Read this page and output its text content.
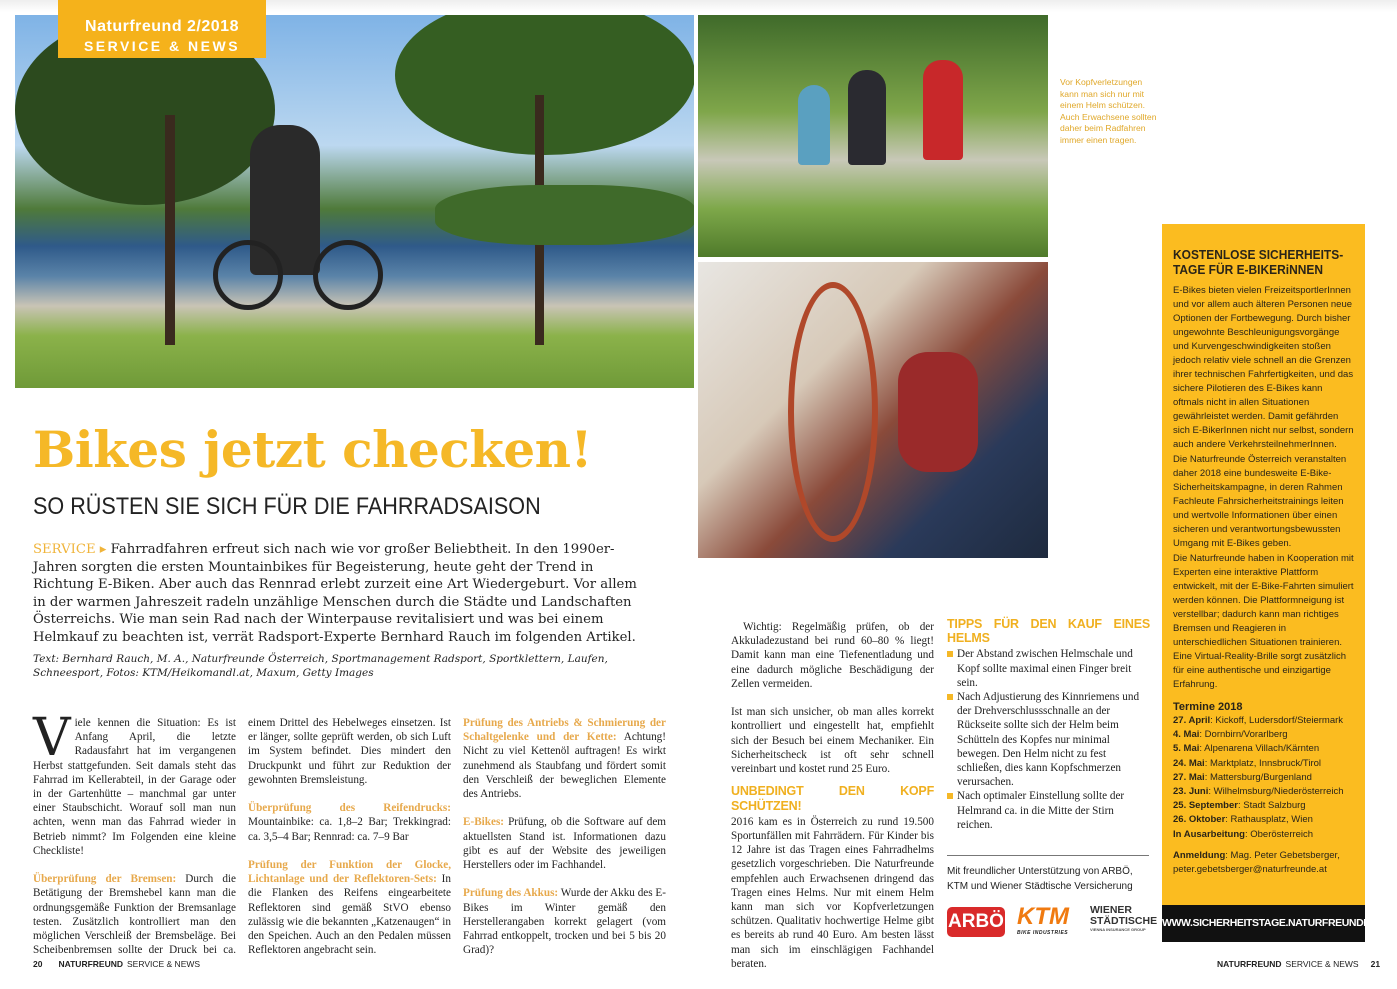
Naturfreund 2/2018
SERVICE & NEWS
Vor Kopfverletzungen kann man sich nur mit einem Helm schützen. Auch Erwachsene sollten daher beim Radfahren immer einen tragen.
Bikes jetzt checken!
SO RÜSTEN SIE SICH FÜR DIE FAHRRADSAISON
SERVICE ▸ Fahrradfahren erfreut sich nach wie vor großer Beliebtheit. In den 1990er-Jahren sorgten die ersten Mountainbikes für Begeisterung, heute geht der Trend in Richtung E-Biken. Aber auch das Rennrad erlebt zurzeit eine Art Wiedergeburt. Vor allem in der warmen Jahreszeit radeln unzählige Menschen durch die Städte und Landschaften Österreichs. Wie man sein Rad nach der Winterpause revitalisiert und was bei einem Helmkauf zu beachten ist, verrät Radsport-Experte Bernhard Rauch im folgenden Artikel.
Text: Bernhard Rauch, M. A., Naturfreunde Österreich, Sportmanagement Radsport, Sportklettern, Laufen, Schneesport, Fotos: KTM/Heikomandl.at, Maxum, Getty Images

Viele kennen die Situation: Es ist Anfang April, die letzte Radausfahrt hat im vergangenen Herbst stattgefunden. Seit damals steht das Fahrrad im Kellerabteil, in der Garage oder in der Gartenhütte – manchmal gar unter einer Staubschicht. Worauf soll man nun achten, wenn man das Fahrrad wieder in Betrieb nimmt? Im Folgenden eine kleine Checkliste!

Überprüfung der Bremsen: Durch die Betätigung der Bremshebel kann man die ordnungsgemäße Funktion der Bremsanlage testen. Zusätzlich kontrolliert man den möglichen Verschleiß der Bremsbeläge. Bei Scheibenbremsen sollte der Druck bei ca. einem Drittel des Hebelweges einsetzen. Ist er länger, sollte geprüft werden, ob sich Luft im System befindet. Dies mindert den Druckpunkt und führt zur Reduktion der gewohnten Bremsleistung.

Überprüfung des Reifendrucks: Mountainbike: ca. 1,8–2 Bar; Trekkingrad: ca. 3,5–4 Bar; Rennrad: ca. 7–9 Bar

Prüfung der Funktion der Glocke, Lichtanlage und der Reflektoren-Sets: In die Flanken des Reifens eingearbeitete Reflektoren sind gemäß StVO ebenso zulässig wie die bekannten „Katzenaugen“ in den Speichen. Auch an den Pedalen müssen Reflektoren angebracht sein.

Prüfung des Antriebs & Schmierung der Schaltgelenke und der Kette: Achtung! Nicht zu viel Kettenöl auftragen! Es wirkt zunehmend als Staubfang und fördert somit den Verschleiß der beweglichen Elemente des Antriebs.

E-Bikes: Prüfung, ob die Software auf dem aktuellsten Stand ist. Informationen dazu gibt es auf der Website des jeweiligen Herstellers oder im Fachhandel.

Prüfung des Akkus: Wurde der Akku des E-Bikes im Winter gemäß den Herstellerangaben korrekt gelagert (vom Fahrrad entkoppelt, trocken und bei 5 bis 20 Grad)?

Wichtig: Regelmäßig prüfen, ob der Akkuladezustand bei rund 60–80 % liegt! Damit kann man eine Tiefenentladung und eine dadurch mögliche Beschädigung der Zellen vermeiden.

Ist man sich unsicher, ob man alles korrekt kontrolliert und eingestellt hat, empfiehlt sich der Besuch bei einem Mechaniker. Ein Sicherheitscheck ist oft sehr schnell vereinbart und kostet rund 25 Euro.

UNBEDINGT DEN KOPF SCHÜTZEN!

2016 kam es in Österreich zu rund 19.500 Sportunfällen mit Fahrrädern. Für Kinder bis 12 Jahre ist das Tragen eines Fahrradhelms gesetzlich vorgeschrieben. Die Naturfreunde empfehlen auch Erwachsenen dringend das Tragen eines Helms. Nur mit einem Helm kann man sich vor Kopfverletzungen schützen. Qualitativ hochwertige Helme gibt es bereits ab rund 40 Euro. Am besten lässt man sich im einschlägigen Fachhandel beraten.

TIPPS FÜR DEN KAUF EINES HELMS
Der Abstand zwischen Helmschale und Kopf sollte maximal einen Finger breit sein.
Nach Adjustierung des Kinnriemens und der Drehverschlussschnalle an der Rückseite sollte sich der Helm beim Schütteln des Kopfes nur minimal bewegen. Den Helm nicht zu fest schließen, dies kann Kopfschmerzen verursachen.
Nach optimaler Einstellung sollte der Helmrand ca. in die Mitte der Stirn reichen.
Mit freundlicher Unterstützung von ARBÖ, KTM und Wiener Städtische Versicherung
ARBÖ KTM
BIKE INDUSTRIES
WIENER STÄDTISCHE
VIENNA INSURANCE GROUP
KOSTENLOSE SICHERHEITS-TAGE FÜR E-BIKERiNNEN

E-Bikes bieten vielen FreizeitsportlerInnen und vor allem auch älteren Personen neue Optionen der Fortbewegung. Durch bisher ungewohnte Beschleunigungsvorgänge und Kurvengeschwindigkeiten stoßen jedoch relativ viele schnell an die Grenzen ihrer technischen Fahrfertigkeiten, und das sichere Pilotieren des E-Bikes kann oftmals nicht in allen Situationen gewährleistet werden. Damit gefährden sich E-BikerInnen nicht nur selbst, sondern auch andere VerkehrsteilnehmerInnen.

Die Naturfreunde Österreich veranstalten daher 2018 eine bundesweite E-Bike-Sicherheitskampagne, in deren Rahmen Fachleute Fahrsicherheitstrainings leiten und wertvolle Informationen über einen sicheren und verantwortungsbewussten Umgang mit E-Bikes geben.

Die Naturfreunde haben in Kooperation mit Experten eine interaktive Plattform entwickelt, mit der E-Bike-Fahrten simuliert werden können. Die Plattformneigung ist verstellbar; dadurch kann man richtiges Bremsen und Reagieren in unterschiedlichen Situationen trainieren. Eine Virtual-Reality-Brille sorgt zusätzlich für eine authentische und einzigartige Erfahrung.

Termine 2018
27. April: Kickoff, Ludersdorf/Steiermark
4. Mai: Dornbirn/Vorarlberg
5. Mai: Alpenarena Villach/Kärnten
24. Mai: Marktplatz, Innsbruck/Tirol
27. Mai: Mattersburg/Burgenland
23. Juni: Wilhelmsburg/Niederösterreich
25. September: Stadt Salzburg
26. Oktober: Rathausplatz, Wien
In Ausarbeitung: Oberösterreich
Anmeldung: Mag. Peter Gebetsberger, peter.gebetsberger@naturfreunde.at
WWW.SICHERHEITSTAGE.NATURFREUNDE.AT
20 NATURFREUND SERVICE & NEWS	NATURFREUND SERVICE & NEWS 21
